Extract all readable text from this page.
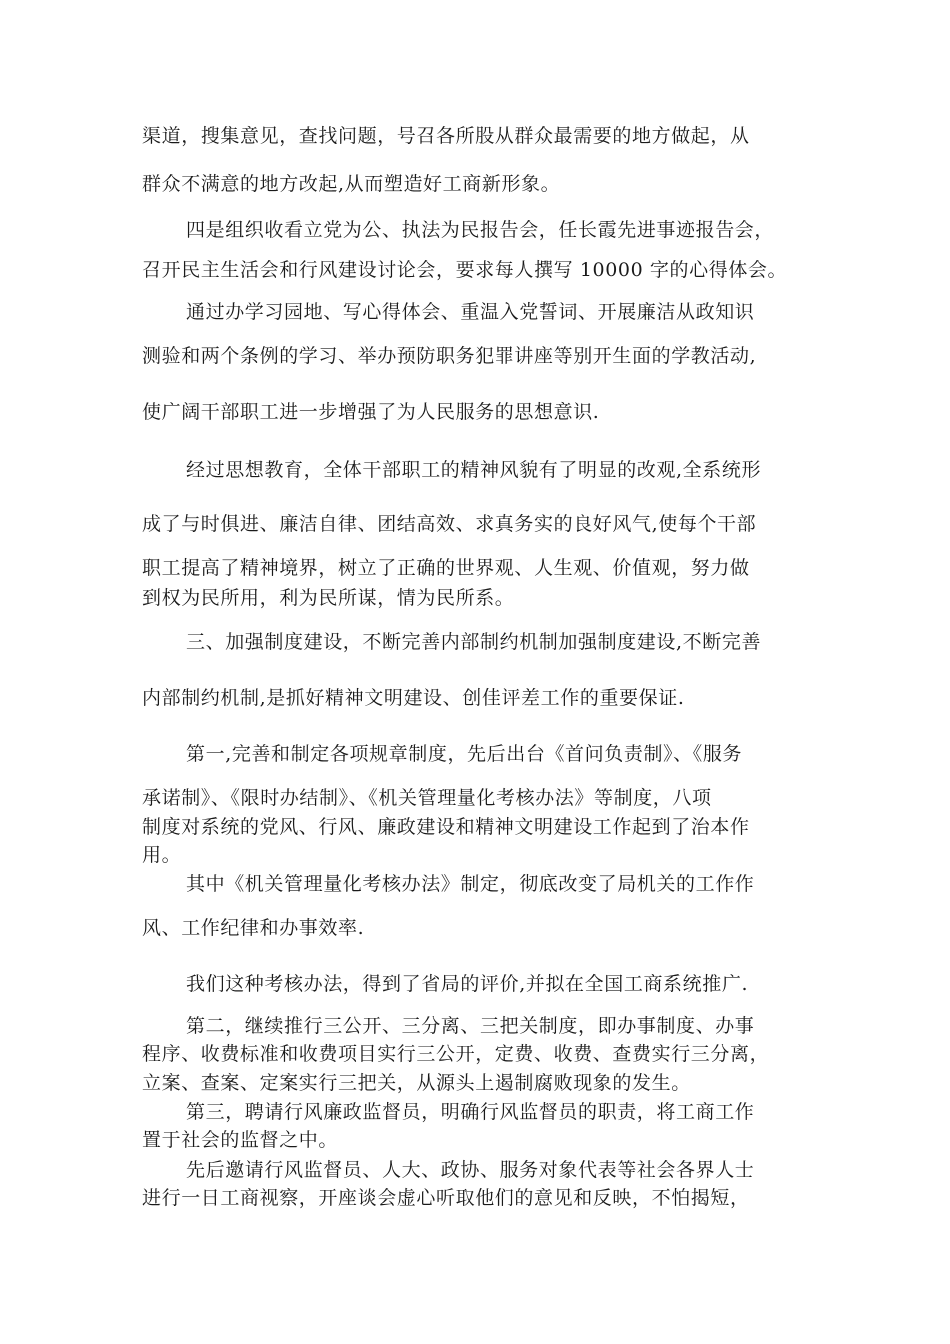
渠道，搜集意见，查找问题，号召各所股从群众最需要的地方做起，从

群众不满意的地方改起,从而塑造好工商新形象。

四是组织收看立党为公、执法为民报告会，任长霞先进事迹报告会，

召开民主生活会和行风建设讨论会，要求每人撰写 10000 字的心得体会。

通过办学习园地、写心得体会、重温入党誓词、开展廉洁从政知识

测验和两个条例的学习、举办预防职务犯罪讲座等别开生面的学教活动,

使广阔干部职工进一步增强了为人民服务的思想意识.

经过思想教育，全体干部职工的精神风貌有了明显的改观,全系统形

成了与时俱进、廉洁自律、团结高效、求真务实的良好风气,使每个干部

职工提高了精神境界，树立了正确的世界观、人生观、价值观，努力做

到权为民所用，利为民所谋，情为民所系。

三、加强制度建设，不断完善内部制约机制加强制度建设,不断完善

内部制约机制,是抓好精神文明建设、创佳评差工作的重要保证.

第一,完善和制定各项规章制度，先后出台《首问负责制》、《服务

承诺制》、《限时办结制》、《机关管理量化考核办法》等制度，八项

制度对系统的党风、行风、廉政建设和精神文明建设工作起到了治本作

用。

其中《机关管理量化考核办法》制定，彻底改变了局机关的工作作

风、工作纪律和办事效率.

我们这种考核办法，得到了省局的评价,并拟在全国工商系统推广.

第二，继续推行三公开、三分离、三把关制度，即办事制度、办事

程序、收费标准和收费项目实行三公开，定费、收费、查费实行三分离，

立案、查案、定案实行三把关，从源头上遏制腐败现象的发生。

第三，聘请行风廉政监督员，明确行风监督员的职责，将工商工作

置于社会的监督之中。

先后邀请行风监督员、人大、政协、服务对象代表等社会各界人士

进行一日工商视察，开座谈会虚心听取他们的意见和反映，不怕揭短，
